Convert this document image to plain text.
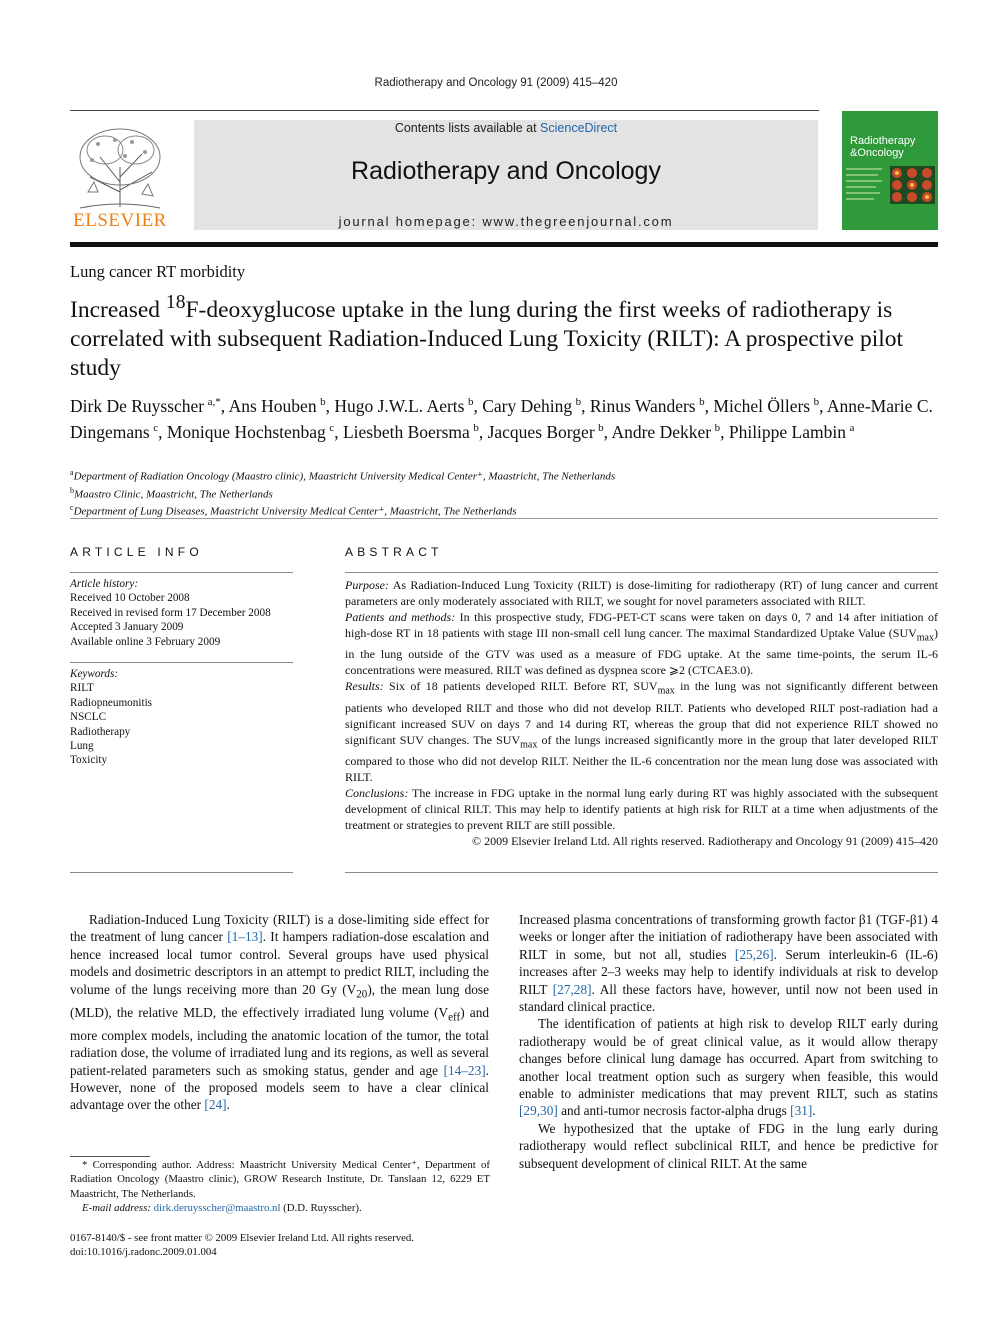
Radiotherapy and Oncology 91 (2009) 415–420
ELSEVIER
Contents lists available at ScienceDirect
Radiotherapy and Oncology
journal homepage: www.thegreenjournal.com
Radiotherapy
&Oncology
Lung cancer RT morbidity
Increased $^{18}$F-deoxyglucose uptake in the lung during the first weeks of radiotherapy is correlated with subsequent Radiation-Induced Lung Toxicity (RILT): A prospective pilot study
Dirk De Ruysscher  $^{a,*}$, Ans Houben  $^b$, Hugo J.W.L. Aerts  $^b$, Cary Dehing  $^b$, Rinus Wanders  $^b$, Michel Öllers  $^b$, Anne-Marie C. Dingemans  $^c$, Monique Hochstenbag  $^c$, Liesbeth Boersma  $^b$, Jacques Borger  $^b$, Andre Dekker  $^b$, Philippe Lambin  $^a$
$^a$Department of Radiation Oncology (Maastro clinic), Maastricht University Medical Center⁺, Maastricht, The Netherlands
$^b$Maastro Clinic, Maastricht, The Netherlands
$^c$Department of Lung Diseases, Maastricht University Medical Center⁺, Maastricht, The Netherlands
ARTICLE INFO
Article history:
Received 10 October 2008
Received in revised form 17 December 2008
Accepted 3 January 2009
Available online 3 February 2009
Keywords:
RILT
Radiopneumonitis
NSCLC
Radiotherapy
Lung
Toxicity
ABSTRACT

Purpose: As Radiation-Induced Lung Toxicity (RILT) is dose-limiting for radiotherapy (RT) of lung cancer and current parameters are only moderately associated with RILT, we sought for novel parameters associated with RILT.

Patients and methods: In this prospective study, FDG-PET-CT scans were taken on days 0, 7 and 14 after initiation of high-dose RT in 18 patients with stage III non-small cell lung cancer. The maximal Standardized Uptake Value $(SUV_{max})$ in the lung outside of the GTV was used as a measure of FDG uptake. At the same time-points, the serum IL-6 concentrations were measured. RILT was defined as dyspnea score ⩾2 (CTCAE3.0).

Results: Six of 18 patients developed RILT. Before RT, $SUV_{max}$ in the lung was not significantly different between patients who developed RILT and those who did not develop RILT. Patients who developed RILT post-radiation had a significant increased SUV on days 7 and 14 during RT, whereas the group that did not experience RILT showed no significant SUV changes. The $SUV_{max}$ of the lungs increased significantly more in the group that later developed RILT compared to those who did not develop RILT. Neither the IL-6 concentration nor the mean lung dose was associated with RILT.

Conclusions: The increase in FDG uptake in the normal lung early during RT was highly associated with the subsequent development of clinical RILT. This may help to identify patients at high risk for RILT at a time when adjustments of the treatment or strategies to prevent RILT are still possible.

© 2009 Elsevier Ireland Ltd. All rights reserved. Radiotherapy and Oncology 91 (2009) 415–420

Radiation-Induced Lung Toxicity (RILT) is a dose-limiting side effect for the treatment of lung cancer [1–13]. It hampers radiation-dose escalation and hence increased local tumor control. Several groups have used physical models and dosimetric descriptors in an attempt to predict RILT, including the volume of the lungs receiving more than 20 Gy $(V_{20})$, the mean lung dose (MLD), the relative MLD, the effectively irradiated lung volume $(V_{eff})$ and more complex models, including the anatomic location of the tumor, the total radiation dose, the volume of irradiated lung and its regions, as well as several patient-related parameters such as smoking status, gender and age [14–23]. However, none of the proposed models seem to have a clear clinical advantage over the other [24].

Increased plasma concentrations of transforming growth factor β1 (TGF-β1) 4 weeks or longer after the initiation of radiotherapy have been associated with RILT in some, but not all, studies [25,26]. Serum interleukin-6 (IL-6) increases after 2–3 weeks may help to identify individuals at risk to develop RILT [27,28]. All these factors have, however, until now not been used in standard clinical practice.

The identification of patients at high risk to develop RILT early during radiotherapy would be of great clinical value, as it would allow therapy changes before clinical lung damage has occurred. Apart from switching to another local treatment option such as surgery when feasible, this would enable to administer medications that may prevent RILT, such as statins [29,30] and anti-tumor necrosis factor-alpha drugs [31].

We hypothesized that the uptake of FDG in the lung early during radiotherapy would reflect subclinical RILT, and hence be predictive for subsequent development of clinical RILT. At the same

* Corresponding author. Address: Maastricht University Medical Center⁺, Department of Radiation Oncology (Maastro clinic), GROW Research Institute, Dr. Tanslaan 12, 6229 ET Maastricht, The Netherlands.

E-mail address: dirk.deruysscher@maastro.nl (D.D. Ruysscher).

0167-8140/$ - see front matter © 2009 Elsevier Ireland Ltd. All rights reserved.
doi:10.1016/j.radonc.2009.01.004
